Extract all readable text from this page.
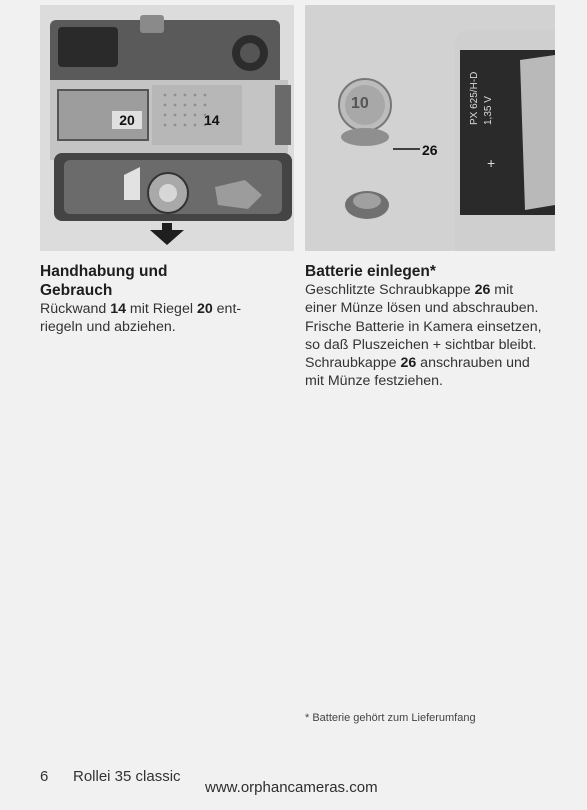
20	14
10
26
PX 625/H-D 1,35 V
+
Handhabung und
Gebrauch

Rückwand 14 mit Riegel 20 ent-

riegeln und abziehen.

Batterie einlegen*

Geschlitzte Schraubkappe 26 mit

einer Münze lösen und abschrauben.

Frische Batterie in Kamera einsetzen,

so daß Pluszeichen + sichtbar bleibt.

Schraubkappe 26 anschrauben und

mit Münze festziehen.

* Batterie gehört zum Lieferumfang
6 Rollei 35 classic
www.orphancameras.com
